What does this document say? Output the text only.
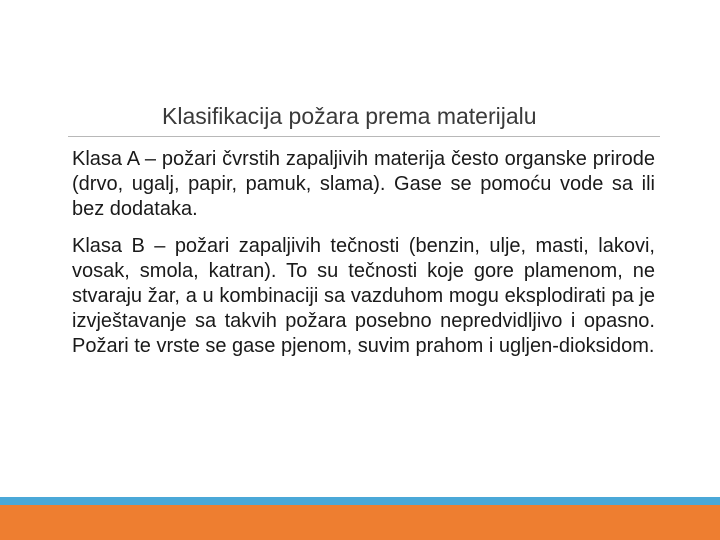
Klasifikacija požara prema materijalu

Klasa A – požari čvrstih zapaljivih materija često organske prirode (drvo, ugalj, papir, pamuk, slama). Gase se pomoću vode sa ili bez dodataka.

Klasa B – požari zapaljivih tečnosti (benzin, ulje, masti, lakovi, vosak, smola, katran). To su tečnosti koje gore plamenom, ne stvaraju žar, a u kombinaciji sa vazduhom mogu eksplodirati pa je izvještavanje sa takvih požara posebno nepredvidljivo i opasno. Požari te vrste se gase pjenom, suvim prahom i ugljen-dioksidom.
